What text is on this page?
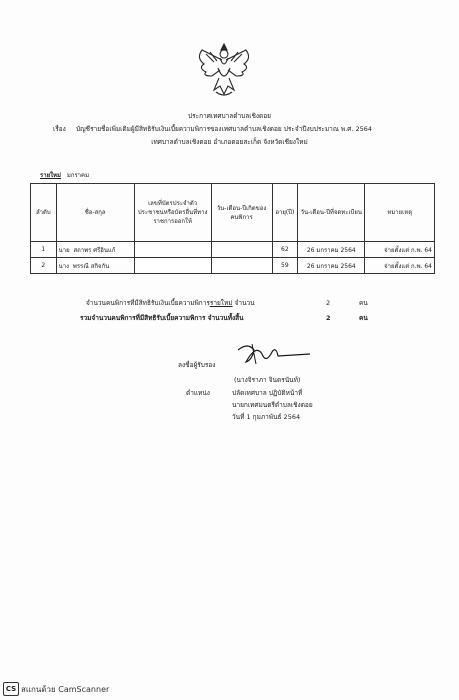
ประกาศเทศบาลตำบลเชิงดอย
เรื่อง บัญชีรายชื่อเพิ่มเติมผู้มีสิทธิรับเงินเบี้ยความพิการของเทศบาลตำบลเชิงดอย ประจำปีงบประมาณ พ.ศ. 2564
เทศบาลตำบลเชิงดอย อำเภอดอยสะเก็ด จังหวัดเชียงใหม่
รายใหม่ มกราคม
ลำดับ	ชื่อ-สกุล	เลขที่บัตรประจำตัวประชาชนหรือบัตรอื่นที่ทางราชการออกให้	วัน-เดือน-ปีเกิดของคนพิการ	อายุ(ปี)	วัน-เดือน-ปีที่จดทะเบียน	หมายเหตุ
1	นาย สถาพร ศรีอินแก้			62	26 มกราคม 2564	จ่ายตั้งแต่ ก.พ. 64
2	นาง พรรณี สกิจกัน			59	26 มกราคม 2564	จ่ายตั้งแต่ ก.พ. 64
จำนวนคนพิการที่มีสิทธิรับเงินเบี้ยความพิการรายใหม่ จำนวน	2	คน
รวมจำนวนคนพิการที่มีสิทธิรับเบี้ยความพิการ จำนวนทั้งสิ้น	2	คน
ลงชื่อผู้รับรอง
(นางจิราภา จินดรนันท์)
ตำแหน่ง	ปลัดเทศบาล ปฏิบัติหน้าที่
นายกเทศมนตรีตำบลเชิงดอย
วันที่ 1 กุมภาพันธ์ 2564
CS สแกนด้วย CamScanner
